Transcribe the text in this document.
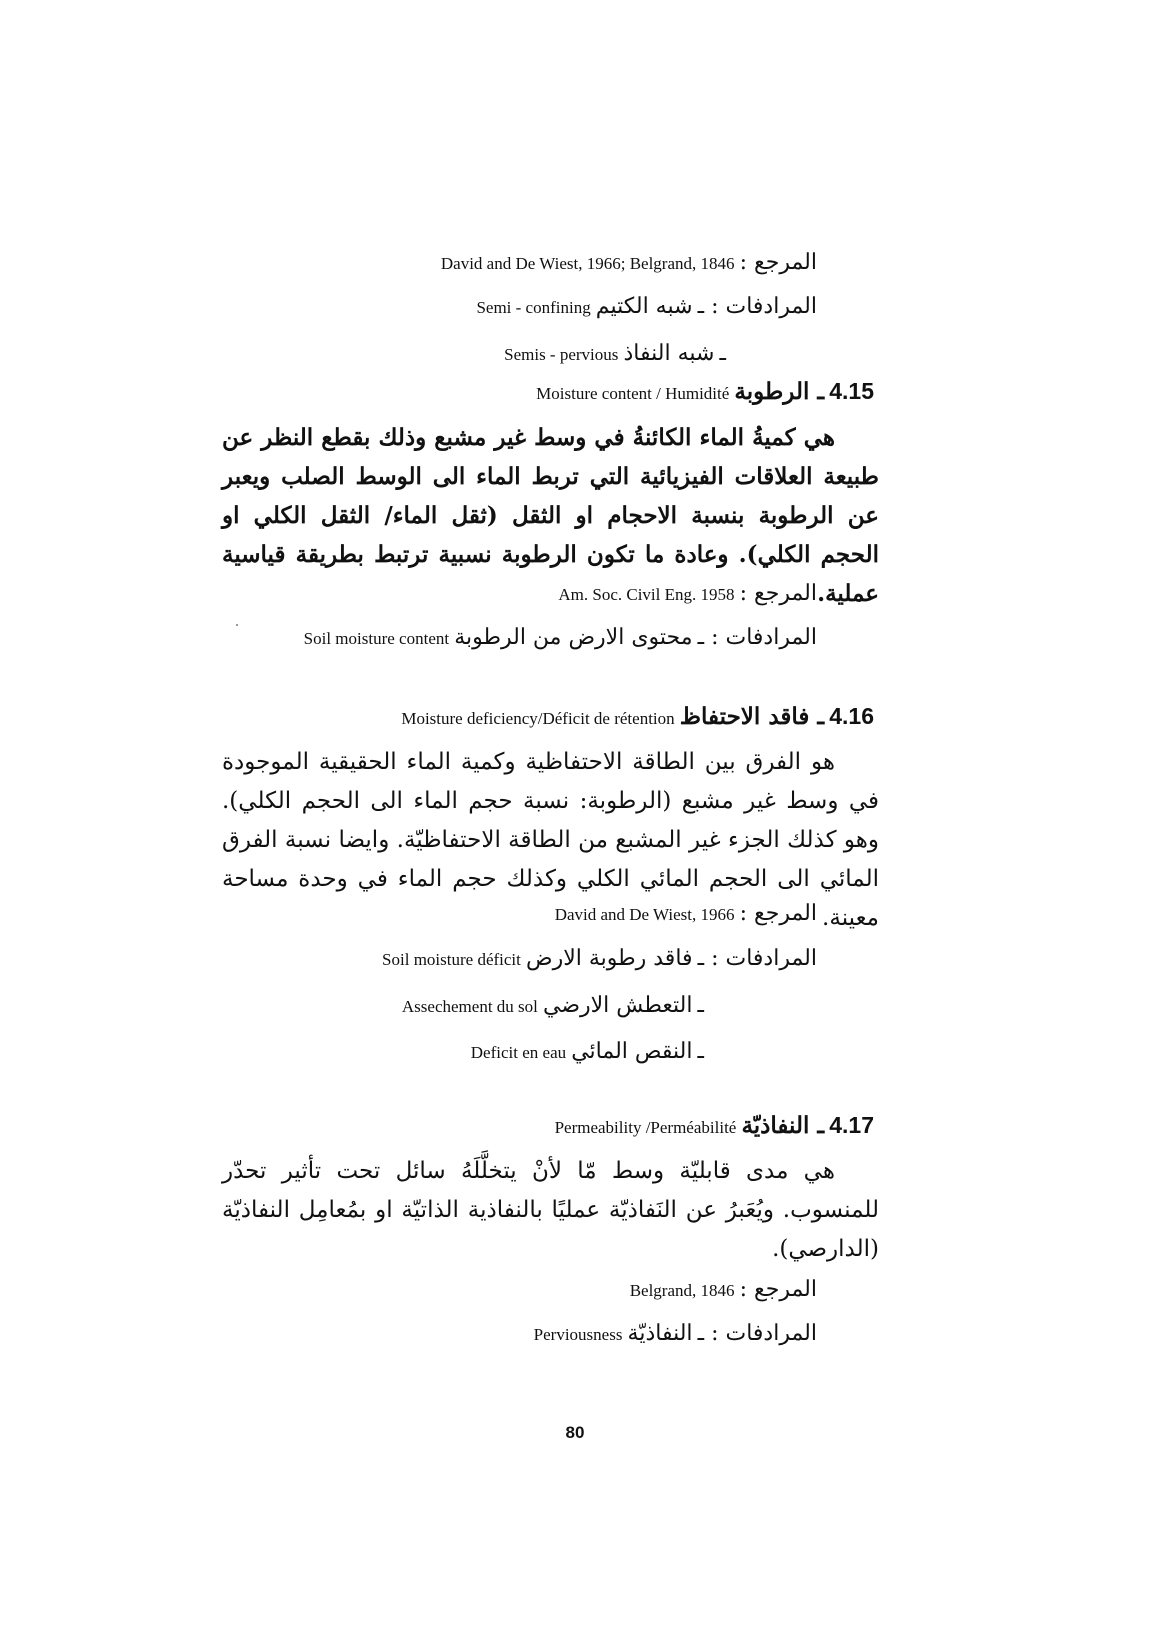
المرجع : David and De Wiest, 1966; Belgrand, 1846
المرادفات : ـ شبه الكتيم Semi - confining
ـ شبه النفاذ Semis - pervious
4.15 ـ الرطوبة Moisture content / Humidité
هي كميةُ الماء الكائنةُ في وسط غير مشبع وذلك بقطع النظر عن طبيعة العلاقات الفيزيائية التي تربط الماء الى الوسط الصلب ويعبر عن الرطوبة بنسبة الاحجام او الثقل (ثقل الماء/ الثقل الكلي او الحجم الكلي). وعادة ما تكون الرطوبة نسبية ترتبط بطريقة قياسية عملية.
المرجع : Am. Soc. Civil Eng. 1958
المرادفات : ـ محتوى الارض من الرطوبة Soil moisture content
4.16 ـ فاقد الاحتفاظ Moisture deficiency/Déficit de rétention
هو الفرق بين الطاقة الاحتفاظية وكمية الماء الحقيقية الموجودة في وسط غير مشبع (الرطوبة: نسبة حجم الماء الى الحجم الكلي). وهو كذلك الجزء غير المشبع من الطاقة الاحتفاظيّة. وايضا نسبة الفرق المائي الى الحجم المائي الكلي وكذلك حجم الماء في وحدة مساحة معينة.
المرجع : David and De Wiest, 1966
المرادفات : ـ فاقد رطوبة الارض Soil moisture déficit
ـ التعطش الارضي Assechement du sol
ـ النقص المائي Deficit en eau
4.17 ـ النفاذيّة Permeability /Perméabilité
هي مدى قابليّة وسط مّا لأنْ يتخلَّلَهُ سائل تحت تأثير تحدّر للمنسوب. ويُعَبرُ عن النَفاذيّة عمليًا بالنفاذية الذاتيّة او بمُعامِل النفاذيّة (الدارصي).
المرجع : Belgrand, 1846
المرادفات : ـ النفاذيّة Perviousness
80
